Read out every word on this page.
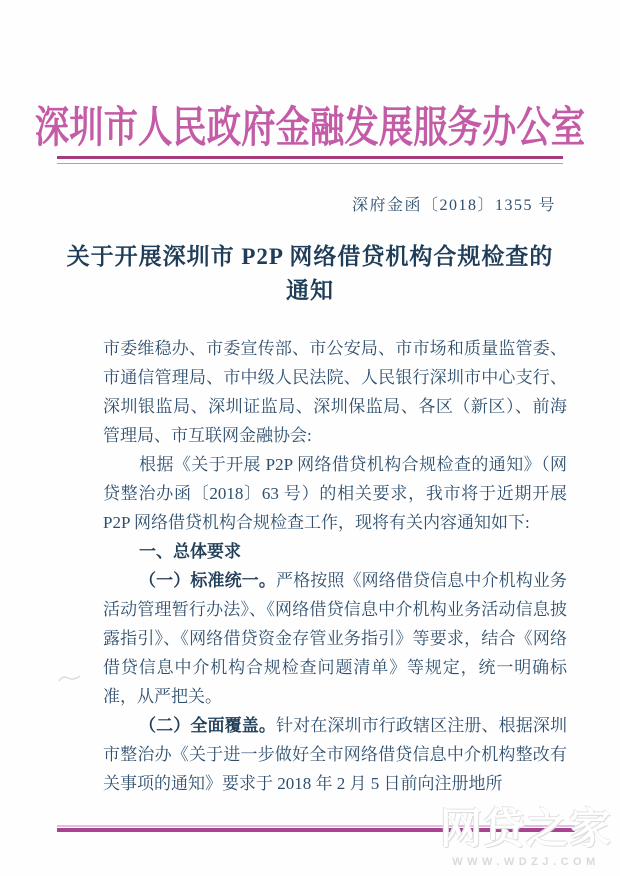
深圳市人民政府金融发展服务办公室
深府金函〔2018〕1355 号
关于开展深圳市 P2P 网络借贷机构合规检查的通知

市委维稳办、市委宣传部、市公安局、市市场和质量监管委、市通信管理局、市中级人民法院、人民银行深圳市中心支行、深圳银监局、深圳证监局、深圳保监局、各区（新区）、前海管理局、市互联网金融协会:

根据《关于开展 P2P 网络借贷机构合规检查的通知》（网贷整治办函〔2018〕63 号）的相关要求，我市将于近期开展 P2P 网络借贷机构合规检查工作，现将有关内容通知如下:

一、总体要求

（一）标准统一。严格按照《网络借贷信息中介机构业务活动管理暂行办法》、《网络借贷信息中介机构业务活动信息披露指引》、《网络借贷资金存管业务指引》等要求，结合《网络借贷信息中介机构合规检查问题清单》等规定，统一明确标准，从严把关。

（二）全面覆盖。针对在深圳市行政辖区注册、根据深圳市整治办《关于进一步做好全市网络借贷信息中介机构整改有关事项的通知》要求于 2018 年 2 月 5 日前向注册地所

网贷之家
WWW.WDZJ.COM
